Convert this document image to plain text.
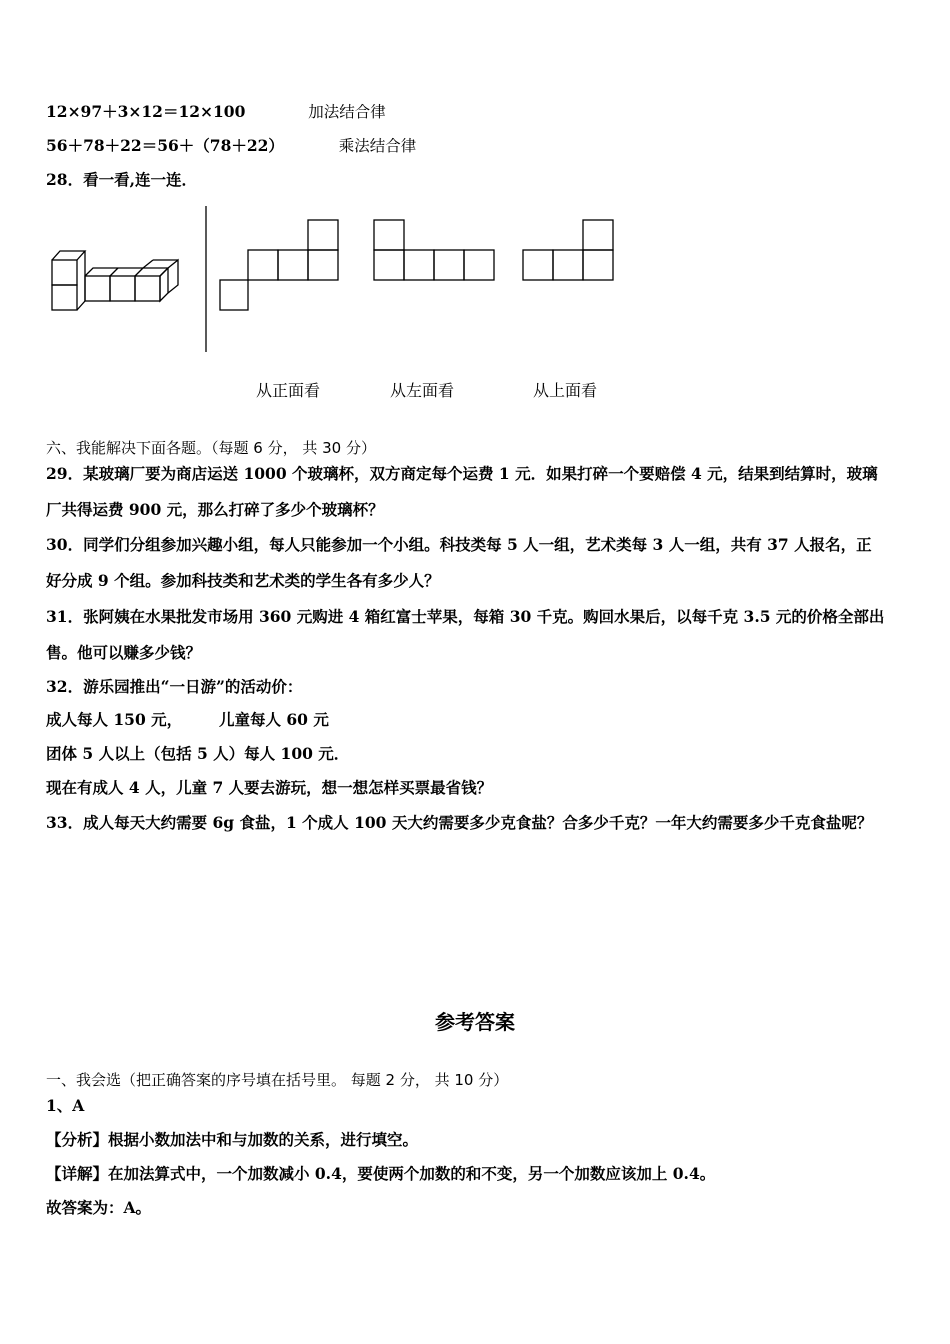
12×97＋3×12＝12×100	加法结合律
56＋78＋22＝56＋（78＋22）	乘法结合律
28．看一看,连一连．
从正面看	从左面看	从上面看
六、我能解决下面各题。（每题 6 分， 共 30 分）
29．某玻璃厂要为商店运送 1000 个玻璃杯，双方商定每个运费 1 元．如果打碎一个要赔偿 4 元，结果到结算时，玻璃
厂共得运费 900 元，那么打碎了多少个玻璃杯？
30．同学们分组参加兴趣小组，每人只能参加一个小组。科技类每 5 人一组，艺术类每 3 人一组，共有 37 人报名，正
好分成 9 个组。参加科技类和艺术类的学生各有多少人？
31．张阿姨在水果批发市场用 360 元购进 4 箱红富士苹果，每箱 30 千克。购回水果后，以每千克 3.5 元的价格全部出
售。他可以赚多少钱？
32．游乐园推出“一日游”的活动价：
成人每人 150 元， 儿童每人 60 元
团体 5 人以上（包括 5 人）每人 100 元．
现在有成人 4 人，儿童 7 人要去游玩，想一想怎样买票最省钱？
33．成人每天大约需要 6g 食盐，1 个成人 100 天大约需要多少克食盐？合多少千克？一年大约需要多少千克食盐呢？
参考答案
一、我会选（把正确答案的序号填在括号里。 每题 2 分， 共 10 分）
1、A
【分析】根据小数加法中和与加数的关系，进行填空。
【详解】在加法算式中，一个加数减小 0.4，要使两个加数的和不变，另一个加数应该加上 0.4。
故答案为：A。
